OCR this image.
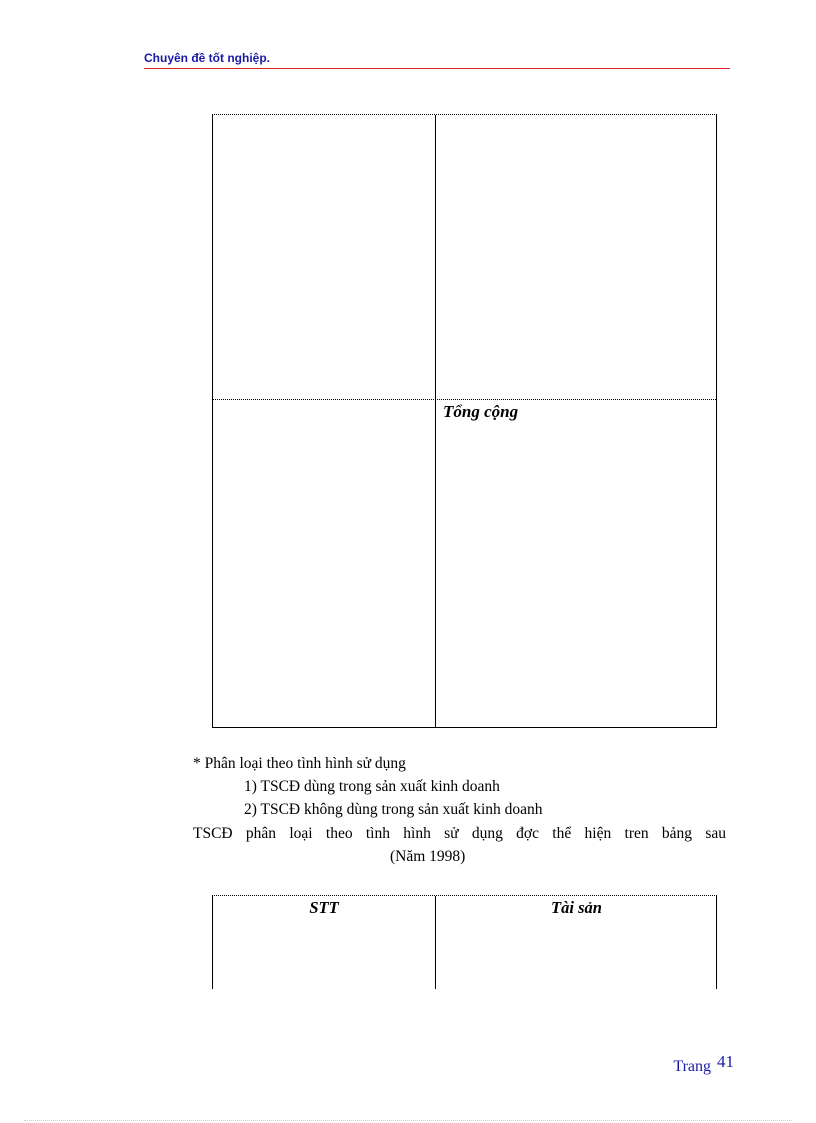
Chuyên đề tốt nghiệp.
Tổng cộng
* Phân loại theo tình hình sử dụng
1) TSCĐ dùng trong sản xuất kinh doanh
2) TSCĐ không dùng trong sản xuất kinh doanh
TSCĐ phân loại theo tình hình sử dụng đợc thể hiện tren bảng sau
(Năm 1998)
STT	Tài sản
Trang 41
